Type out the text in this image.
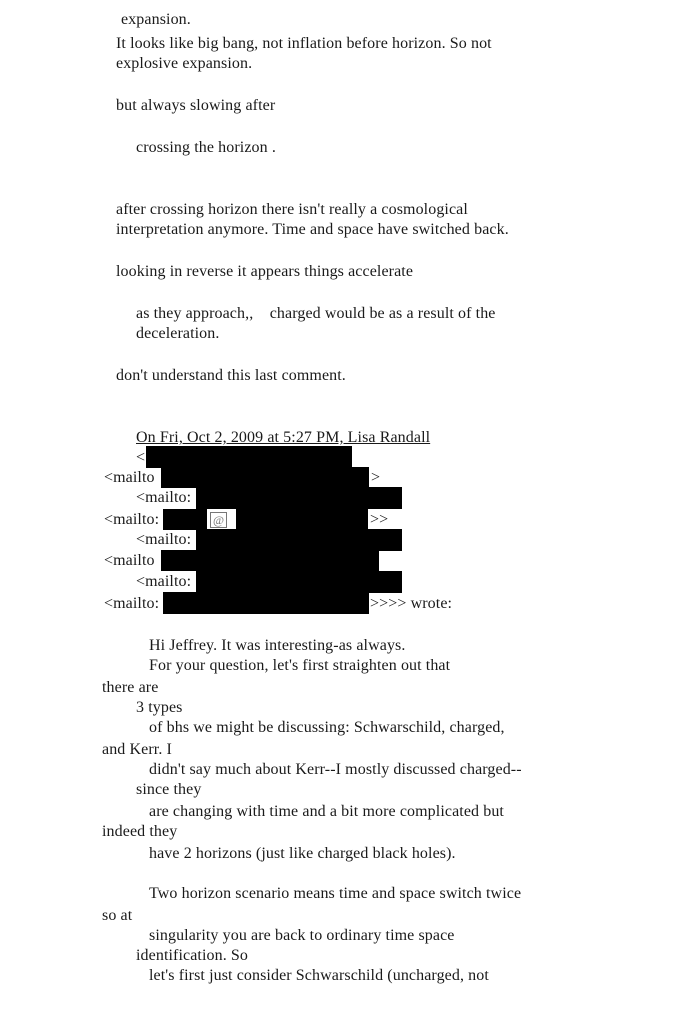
expansion.
It looks like big bang, not inflation before horizon. So not
explosive expansion.
but always slowing after
crossing the horizon .
after crossing horizon there isn't really a cosmological
interpretation anymore. Time and space have switched back.
looking in reverse it appears things accelerate
as they approach,,    charged would be as a result of the
deceleration.
don't understand this last comment.
On Fri, Oct 2, 2009 at 5:27 PM, Lisa Randall
<
<mailto	>
<mailto:
<mailto:	@	>>
<mailto:
<mailto
<mailto:
<mailto:	>>>> wrote:
Hi Jeffrey. It was interesting-as always.
For your question, let's first straighten out that
there are
3 types
of bhs we might be discussing: Schwarschild, charged,
and Kerr. I
didn't say much about Kerr--I mostly discussed charged--
since they
are changing with time and a bit more complicated but
indeed they
have 2 horizons (just like charged black holes).
Two horizon scenario means time and space switch twice
so at
singularity you are back to ordinary time space
identification. So
let's first just consider Schwarschild (uncharged, not
